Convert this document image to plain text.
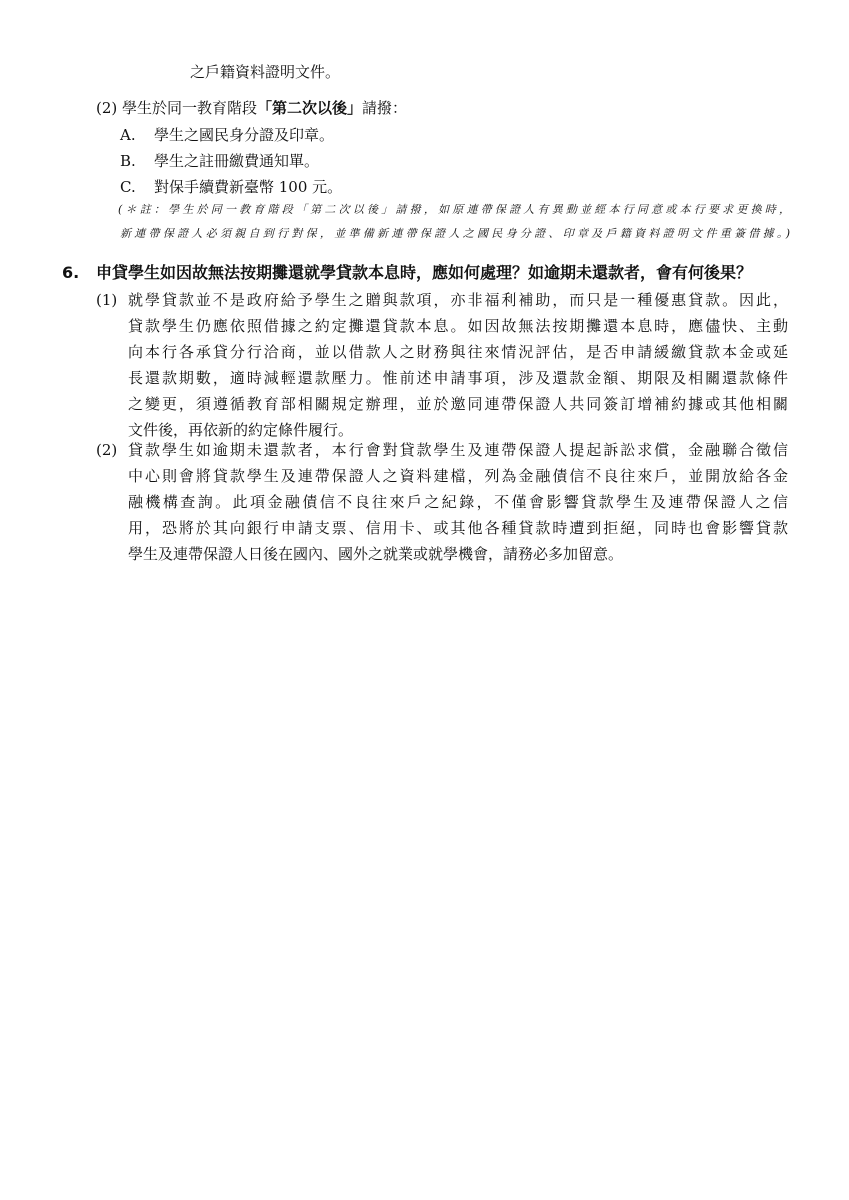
之戶籍資料證明文件。
(2) 學生於同一教育階段「第二次以後」請撥：
A. 學生之國民身分證及印章。
B. 學生之註冊繳費通知單。
C. 對保手續費新臺幣 100 元。
(＊註：學生於同一教育階段「第二次以後」請撥，如原連帶保證人有異動並經本行同意或本行要求更換時，
新連帶保證人必須親自到行對保，並準備新連帶保證人之國民身分證、印章及戶籍資料證明文件重簽借據。)
6. 申貸學生如因故無法按期攤還就學貸款本息時，應如何處理？如逾期未還款者，會有何後果？
(1) 就學貸款並不是政府給予學生之贈與款項，亦非福利補助，而只是一種優惠貸款。因此，
貸款學生仍應依照借據之約定攤還貸款本息。如因故無法按期攤還本息時，應儘快、主動
向本行各承貸分行洽商，並以借款人之財務與往來情況評估，是否申請緩繳貸款本金或延
長還款期數，適時減輕還款壓力。惟前述申請事項，涉及還款金額、期限及相關還款條件
之變更，須遵循教育部相關規定辦理，並於邀同連帶保證人共同簽訂增補約據或其他相關
文件後，再依新的約定條件履行。
(2) 貸款學生如逾期未還款者，本行會對貸款學生及連帶保證人提起訴訟求償，金融聯合徵信
中心則會將貸款學生及連帶保證人之資料建檔，列為金融債信不良往來戶，並開放給各金
融機構查詢。此項金融債信不良往來戶之紀錄，不僅會影響貸款學生及連帶保證人之信
用，恐將於其向銀行申請支票、信用卡、或其他各種貸款時遭到拒絕，同時也會影響貸款
學生及連帶保證人日後在國內、國外之就業或就學機會，請務必多加留意。
